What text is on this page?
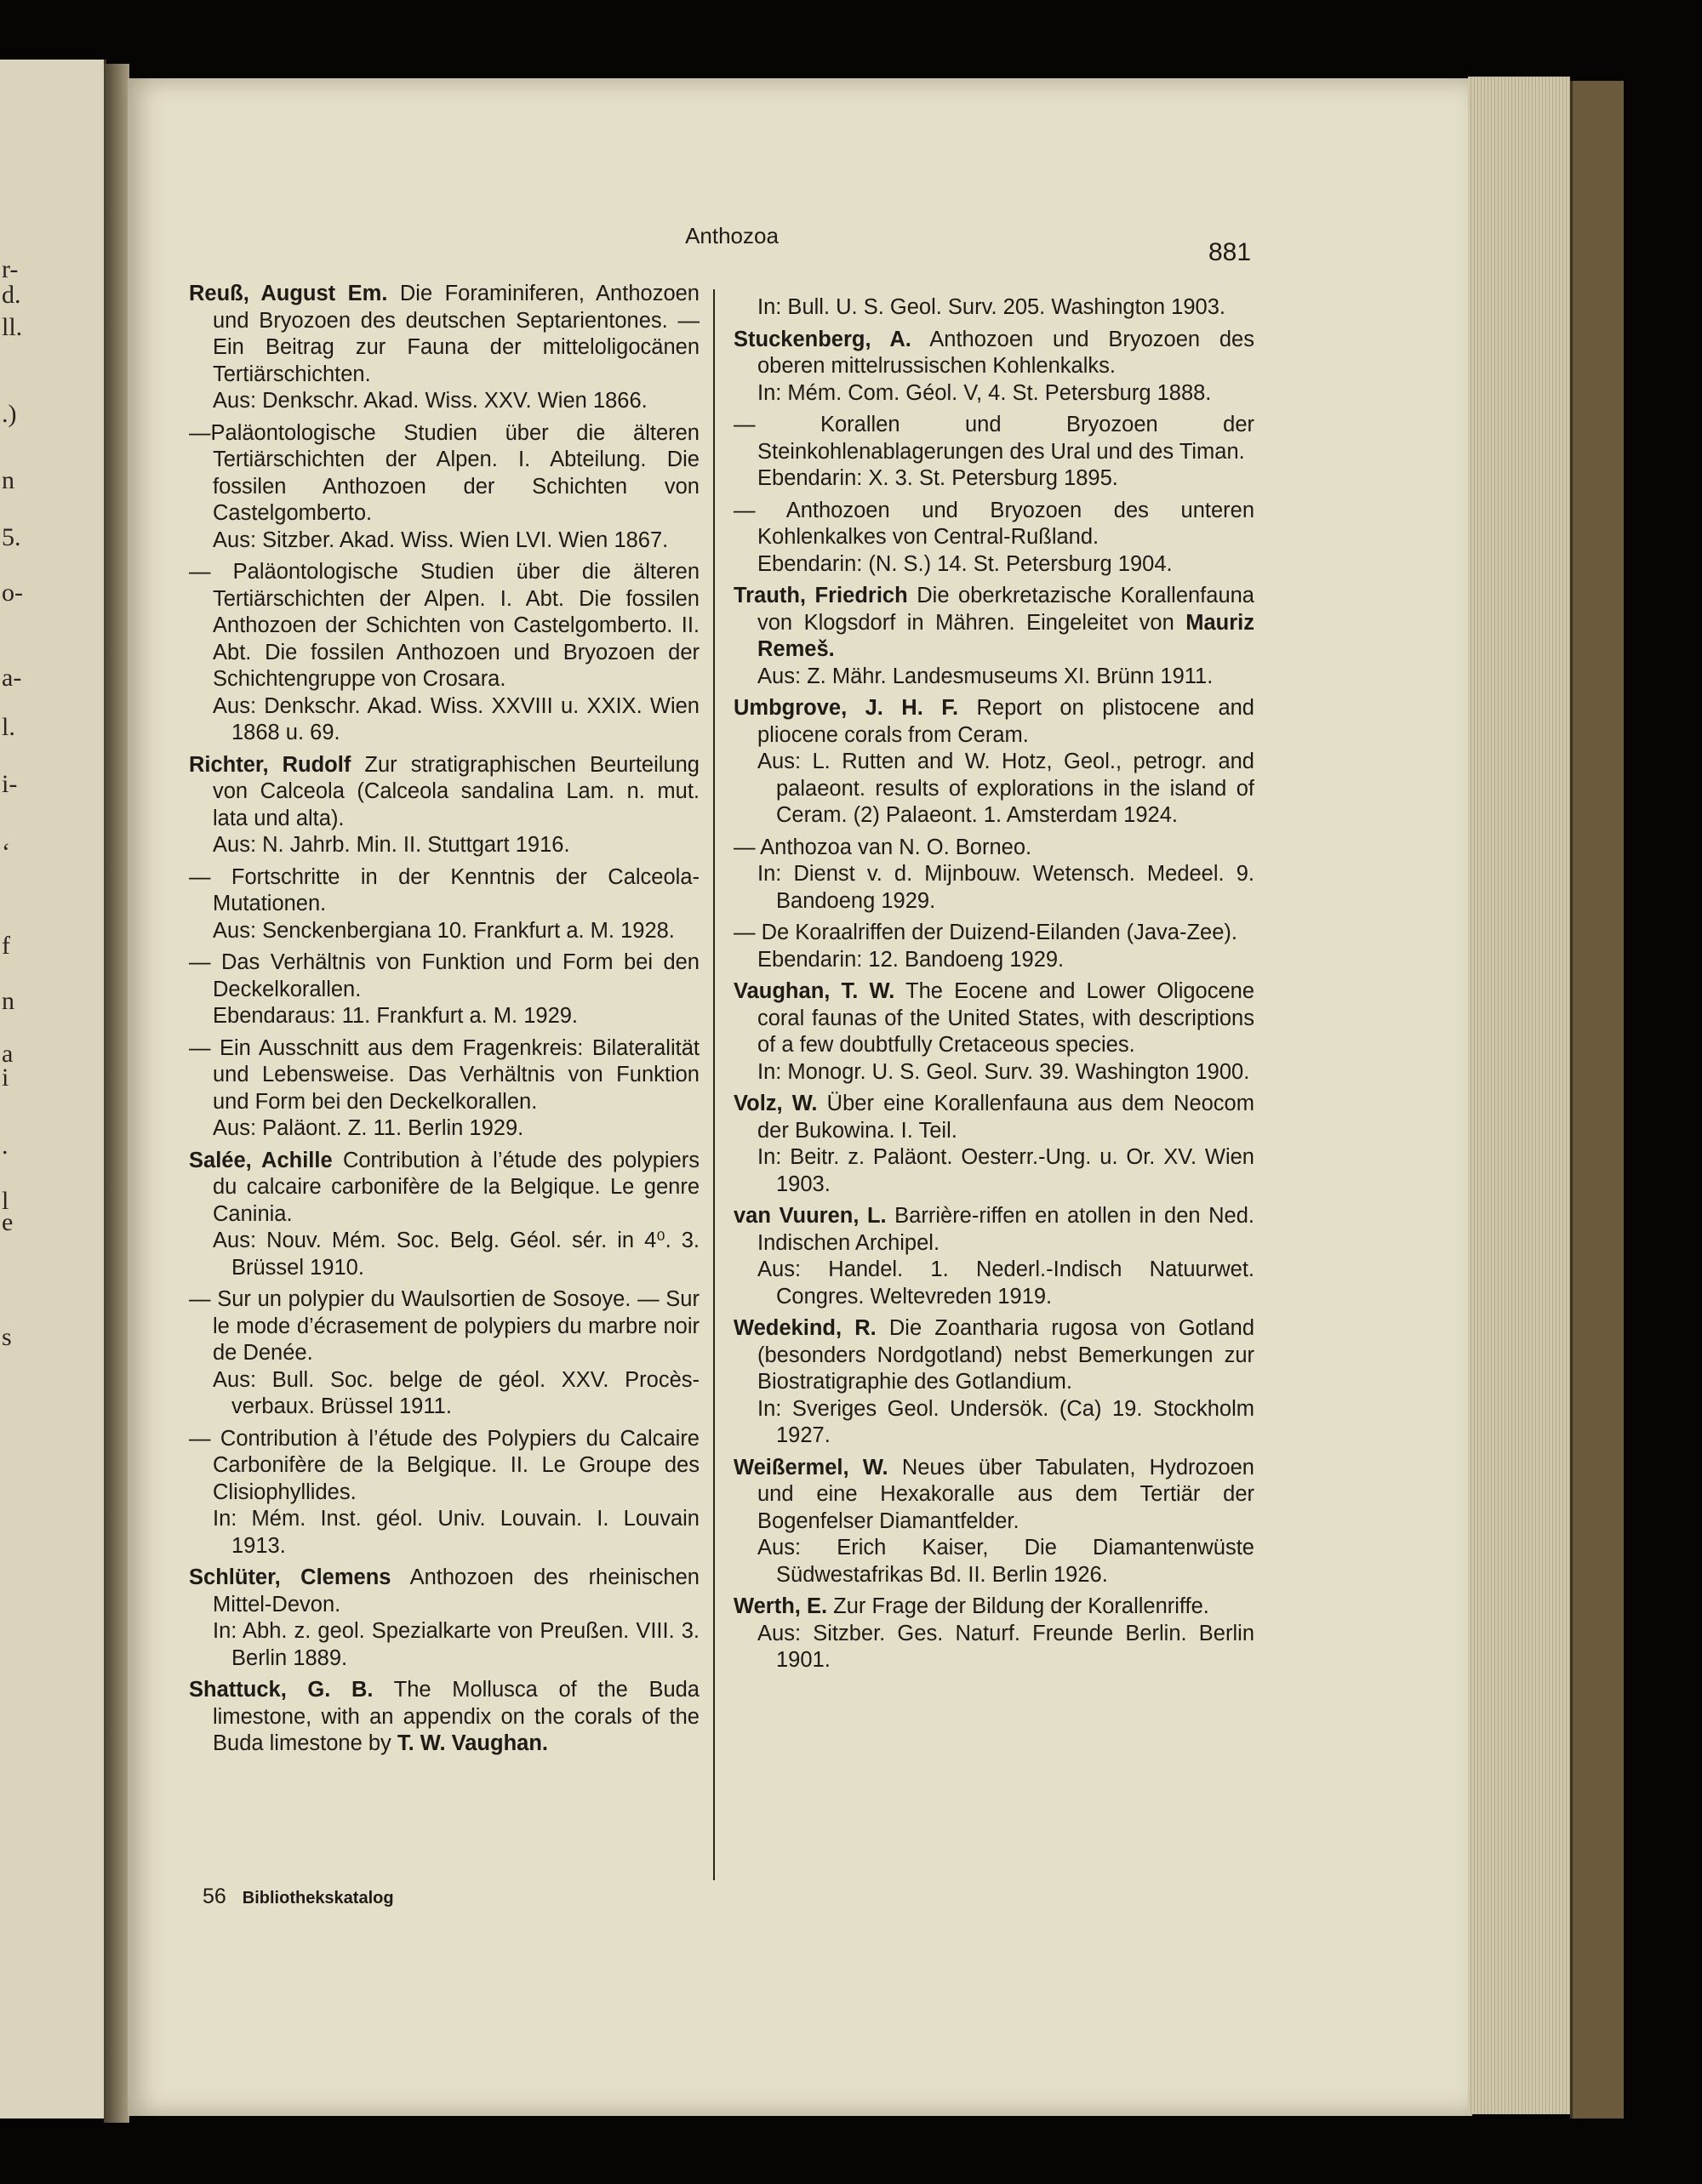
r-
d.
ll.
.)
n
5.
o-
a-
l.
i-
‘
f
n
a
i
.
l
e
s
Anthozoa
881

Reuß, August Em. Die Foraminiferen, Anthozoen und Bryozoen des deutschen Septarientones. — Ein Beitrag zur Fauna der mitteloligocänen Tertiärschichten.

Aus: Denkschr. Akad. Wiss. XXV. Wien 1866.

—Paläontologische Studien über die älteren Tertiärschichten der Alpen. I. Abteilung. Die fossilen Anthozoen der Schichten von Castelgomberto.

Aus: Sitzber. Akad. Wiss. Wien LVI. Wien 1867.

— Paläontologische Studien über die älteren Tertiärschichten der Alpen. I. Abt. Die fossilen Anthozoen der Schichten von Castelgomberto. II. Abt. Die fossilen Anthozoen und Bryozoen der Schichtengruppe von Crosara.

Aus: Denkschr. Akad. Wiss. XXVIII u. XXIX. Wien 1868 u. 69.

Richter, Rudolf Zur stratigraphischen Beurteilung von Calceola (Calceola sandalina Lam. n. mut. lata und alta).

Aus: N. Jahrb. Min. II. Stuttgart 1916.

— Fortschritte in der Kenntnis der Calceola-Mutationen.

Aus: Senckenbergiana 10. Frankfurt a. M. 1928.

— Das Verhältnis von Funktion und Form bei den Deckelkorallen.

Ebendaraus: 11. Frankfurt a. M. 1929.

— Ein Ausschnitt aus dem Fragenkreis: Bilateralität und Lebensweise. Das Verhältnis von Funktion und Form bei den Deckelkorallen.

Aus: Paläont. Z. 11. Berlin 1929.

Salée, Achille Contribution à l’étude des polypiers du calcaire carbonifère de la Belgique. Le genre Caninia.

Aus: Nouv. Mém. Soc. Belg. Géol. sér. in 4⁰. 3. Brüssel 1910.

— Sur un polypier du Waulsortien de Sosoye. — Sur le mode d’écrasement de polypiers du marbre noir de Denée.

Aus: Bull. Soc. belge de géol. XXV. Procès-verbaux. Brüssel 1911.

— Contribution à l’étude des Polypiers du Calcaire Carbonifère de la Belgique. II. Le Groupe des Clisiophyllides.

In: Mém. Inst. géol. Univ. Louvain. I. Louvain 1913.

Schlüter, Clemens Anthozoen des rheinischen Mittel-Devon.

In: Abh. z. geol. Spezialkarte von Preußen. VIII. 3. Berlin 1889.

Shattuck, G. B. The Mollusca of the Buda limestone, with an appendix on the corals of the Buda limestone by T. W. Vaughan.

In: Bull. U. S. Geol. Surv. 205. Washington 1903.

Stuckenberg, A. Anthozoen und Bryozoen des oberen mittelrussischen Kohlenkalks.

In: Mém. Com. Géol. V, 4. St. Petersburg 1888.

— Korallen und Bryozoen der Steinkohlenablagerungen des Ural und des Timan.

Ebendarin: X. 3. St. Petersburg 1895.

— Anthozoen und Bryozoen des unteren Kohlenkalkes von Central-Rußland.

Ebendarin: (N. S.) 14. St. Petersburg 1904.

Trauth, Friedrich Die oberkretazische Korallenfauna von Klogsdorf in Mähren. Eingeleitet von Mauriz Remeš.

Aus: Z. Mähr. Landesmuseums XI. Brünn 1911.

Umbgrove, J. H. F. Report on plistocene and pliocene corals from Ceram.

Aus: L. Rutten and W. Hotz, Geol., petrogr. and palaeont. results of explorations in the island of Ceram. (2) Palaeont. 1. Amsterdam 1924.

— Anthozoa van N. O. Borneo.

In: Dienst v. d. Mijnbouw. Wetensch. Medeel. 9. Bandoeng 1929.

— De Koraalriffen der Duizend-Eilanden (Java-Zee).

Ebendarin: 12. Bandoeng 1929.

Vaughan, T. W. The Eocene and Lower Oligocene coral faunas of the United States, with descriptions of a few doubtfully Cretaceous species.

In: Monogr. U. S. Geol. Surv. 39. Washington 1900.

Volz, W. Über eine Korallenfauna aus dem Neocom der Bukowina. I. Teil.

In: Beitr. z. Paläont. Oesterr.-Ung. u. Or. XV. Wien 1903.

van Vuuren, L. Barrière-riffen en atollen in den Ned. Indischen Archipel.

Aus: Handel. 1. Nederl.-Indisch Natuurwet. Congres. Weltevreden 1919.

Wedekind, R. Die Zoantharia rugosa von Gotland (besonders Nordgotland) nebst Bemerkungen zur Biostratigraphie des Gotlandium.

In: Sveriges Geol. Undersök. (Ca) 19. Stockholm 1927.

Weißermel, W. Neues über Tabulaten, Hydrozoen und eine Hexakoralle aus dem Tertiär der Bogenfelser Diamantfelder.

Aus: Erich Kaiser, Die Diamantenwüste Südwestafrikas Bd. II. Berlin 1926.

Werth, E. Zur Frage der Bildung der Korallenriffe.

Aus: Sitzber. Ges. Naturf. Freunde Berlin. Berlin 1901.

56 Bibliothekskatalog
